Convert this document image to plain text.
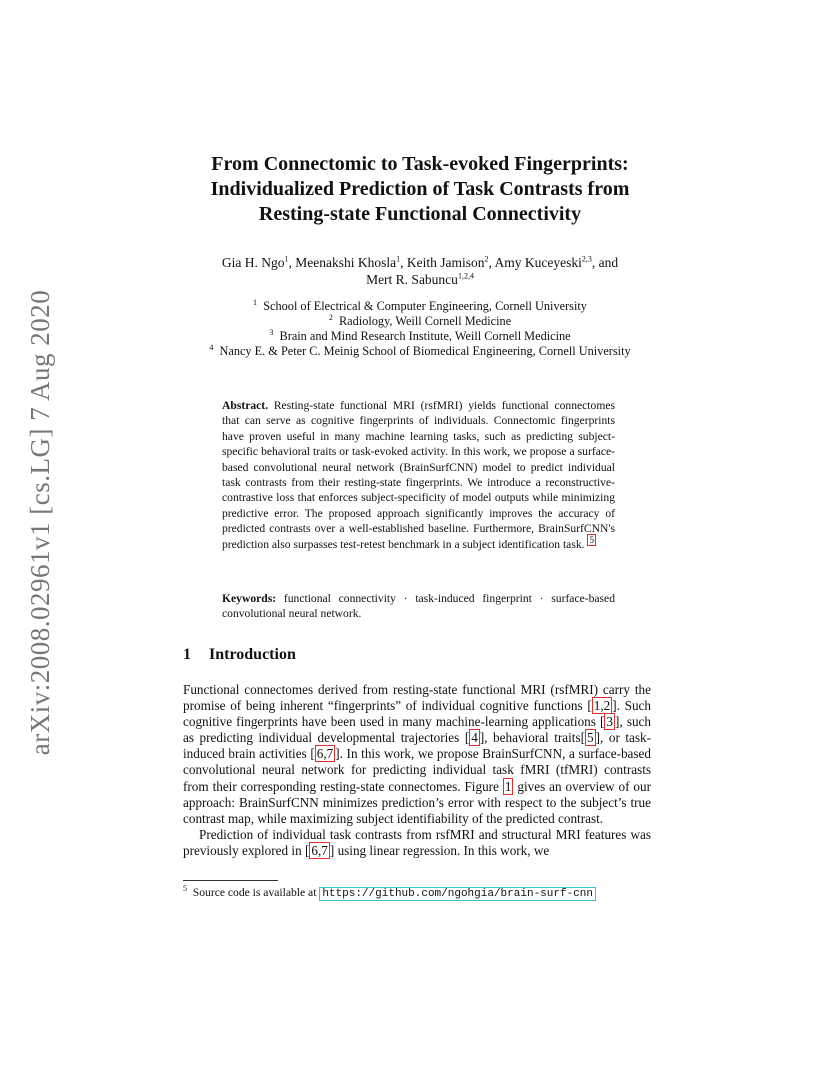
arXiv:2008.02961v1 [cs.LG] 7 Aug 2020
From Connectomic to Task-evoked Fingerprints:
Individualized Prediction of Task Contrasts from
Resting-state Functional Connectivity
Gia H. Ngo$^1$, Meenakshi Khosla$^1$, Keith Jamison$^2$, Amy Kuceyeski$^{2,3}$, and
Mert R. Sabuncu$^{1,2,4}$
$^1$ School of Electrical & Computer Engineering, Cornell University
$^2$ Radiology, Weill Cornell Medicine
$^3$ Brain and Mind Research Institute, Weill Cornell Medicine
$^4$ Nancy E. & Peter C. Meinig School of Biomedical Engineering, Cornell University
Abstract. Resting-state functional MRI (rsfMRI) yields functional connectomes that can serve as cognitive fingerprints of individuals. Connectomic fingerprints have proven useful in many machine learning tasks, such as predicting subject-specific behavioral traits or task-evoked activity. In this work, we propose a surface-based convolutional neural network (BrainSurfCNN) model to predict individual task contrasts from their resting-state fingerprints. We introduce a reconstructive-contrastive loss that enforces subject-specificity of model outputs while minimizing predictive error. The proposed approach significantly improves the accuracy of predicted contrasts over a well-established baseline. Furthermore, BrainSurfCNN's prediction also surpasses test-retest benchmark in a subject identification task. $^5$
Keywords: functional connectivity · task-induced fingerprint · surface-based convolutional neural network.
1 Introduction

Functional connectomes derived from resting-state functional MRI (rsfMRI) carry the promise of being inherent “fingerprints” of individual cognitive functions [ 1,2 ]. Such cognitive fingerprints have been used in many machine-learning applications [ 3 ], such as predicting individual developmental trajectories [ 4 ], behavioral traits[ 5 ], or task-induced brain activities [ 6,7 ]. In this work, we propose BrainSurfCNN, a surface-based convolutional neural network for predicting individual task fMRI (tfMRI) contrasts from their corresponding resting-state connectomes. Figure 1 gives an overview of our approach: BrainSurfCNN minimizes prediction’s error with respect to the subject’s true contrast map, while maximizing subject identifiability of the predicted contrast.

Prediction of individual task contrasts from rsfMRI and structural MRI features was previously explored in [ 6,7 ] using linear regression. In this work, we

$^5$ Source code is available at https://github.com/ngohgia/brain-surf-cnn
